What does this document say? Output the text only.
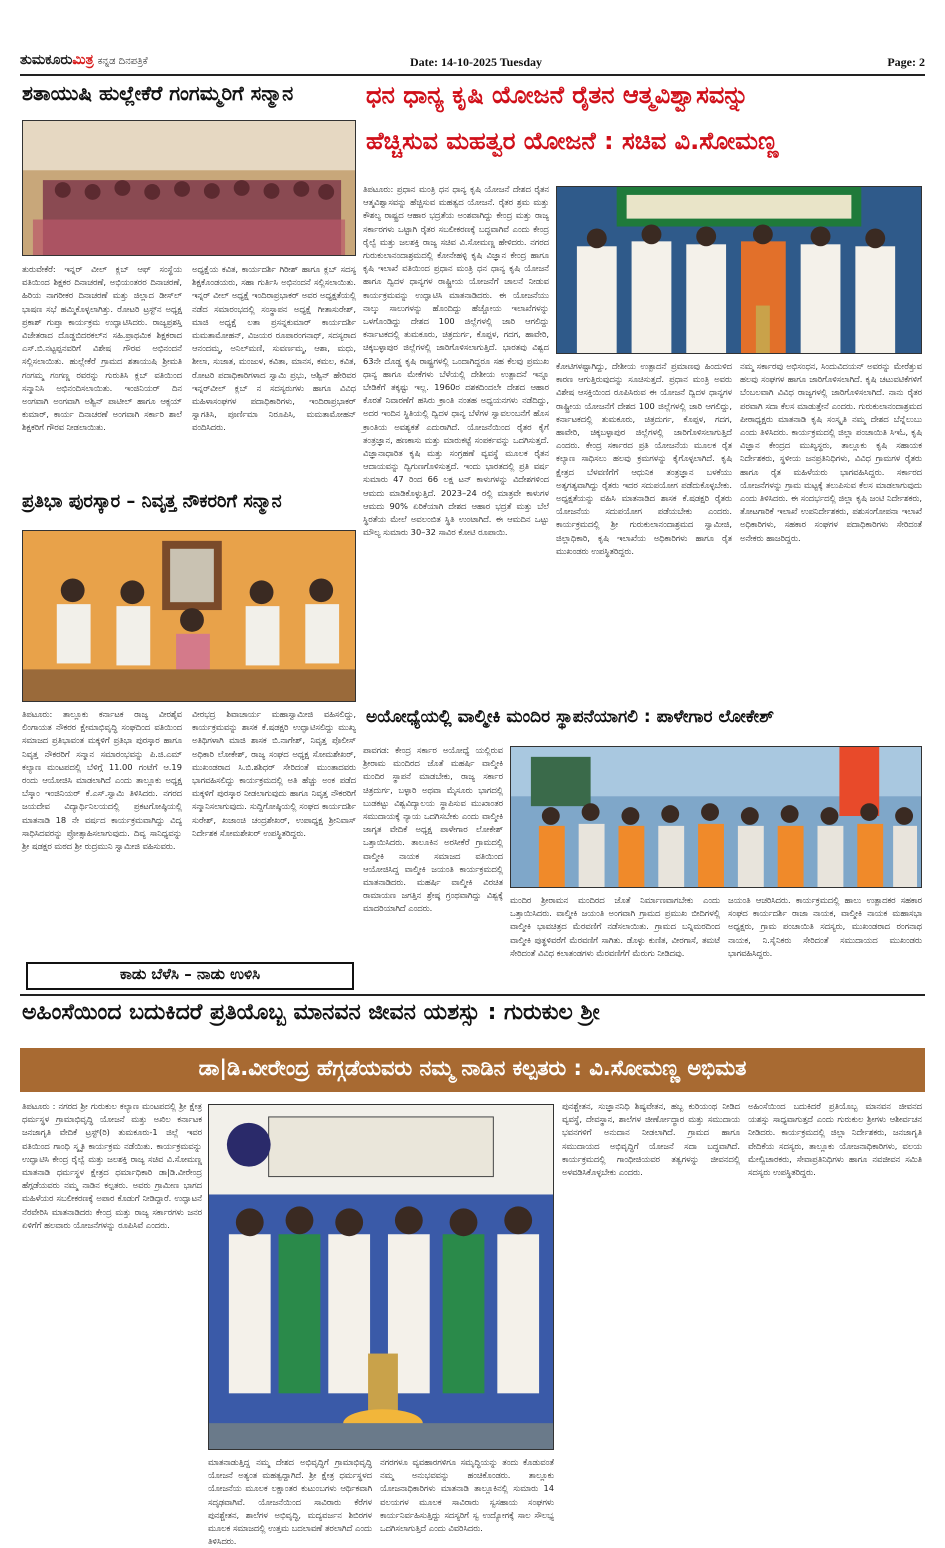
ತುಮಕೂರುಮಿತ್ರ ಕನ್ನಡ ದಿನಪತ್ರಿಕೆ	Date: 14-10-2025 Tuesday	Page: 2
ಶತಾಯುಷಿ ಹುಲ್ಲೇಕೆರೆ ಗಂಗಮ್ಮರಿಗೆ ಸನ್ಮಾನ
ತುರುವೇಕೆರೆ: ಇನ್ನರ್ ವೀಲ್ ಕ್ಲಬ್ ಆಫ್ ಸಂಸ್ಥೆಯ ವತಿಯಿಂದ ಶಿಕ್ಷಕರ ದಿನಾಚರಣೆ, ಅಭಿಯಂತರರ ದಿನಾಚರಣೆ, ಹಿರಿಯ ನಾಗರೀಕರ ದಿನಾಚರಣೆ ಮತ್ತು ಜಿಲ್ಲಾದ ಡೀಸ್‌ಲ್ ಭಾಷಣ ಸಭೆ ಹಮ್ಮಿಕೊಳ್ಳಲಾಗಿತ್ತು. ರೋಟರಿ ಟ್ರಸ್ಟ್‌ನ ಅಧ್ಯಕ್ಷ ಪ್ರಕಾಶ್ ಗುಪ್ತಾ ಕಾರ್ಯಕ್ರಮ ಉದ್ಘಾಟಿಸಿದರು. ರಾಜ್ಯಪ್ರಶಸ್ತಿ ವಿಜೇತರಾದ ದೊಡ್ಡಬಿದರಕಲ್‌ನ ಸಹಿ.ಪ್ರಾಥಮಿಕ ಶಿಕ್ಷಕರಾದ ಎಸ್.ಬಿ.ನಟ್ಟಪ್ಪನವರಿಗೆ ವಿಶೇಷ ಗೌರವ ಅಭಿನಂದನೆ ಸಲ್ಲಿಸಲಾಯಿತು. ಹುಲ್ಲೇಕೆರೆ ಗ್ರಾಮದ ಶತಾಯುಷಿ ಶ್ರೀಮತಿ ಗಂಗಮ್ಮ ಗಂಗಣ್ಣ ರವರನ್ನು ಗುರುತಿಸಿ ಕ್ಲಬ್ ವತಿಯಿಂದ ಸನ್ಮಾನಿಸಿ ಅಭಿನಂದಿಸಲಾಯಿತು. ಇಂಜಿನಿಯರ್ ದಿನ ಅಂಗವಾಗಿ ಅಂಗವಾಗಿ ಅಶ್ವಿನ್ ಪಾಟೀಲ್ ಹಾಗೂ ಆಕ್ಸಯ್ ಕುಮಾರ್, ಕಾರ್ಯ ದಿನಾಚರಣೆ ಅಂಗವಾಗಿ ಸರ್ಕಾರಿ ಶಾಲೆ ಶಿಕ್ಷಕರಿಗೆ ಗೌರವ ನೀಡಲಾಯಿತು.
ಅಧ್ಯಕ್ಷೆಯ ಕವಿತ, ಕಾರ್ಯದರ್ಶಿ ಗಿರೀಶ್ ಹಾಗೂ ಕ್ಲಬ್ ಸದಸ್ಯ ಶಿಕ್ಷಕೊಂಡಯರು, ಸಹಾ ಗುರ್ತಿಸಿ ಅಭಿನಂದನೆ ಸಲ್ಲಿಸಲಾಯಿತು. ಇನ್ನರ್ ವೀಲ್ ಅಧ್ಯಕ್ಷೆ ಇಂದಿರಾಪ್ರಭಾಕರ್ ಅವರ ಅಧ್ಯಕ್ಷತೆಯಲ್ಲಿ ನಡೆದ ಸಮಾರಂಭದಲ್ಲಿ ಸಂಸ್ಥಾಪನ ಅಧ್ಯಕ್ಷೆ ಗೀತಾಸುರೇಶ್, ಮಾಜಿ ಅಧ್ಯಕ್ಷೆ ಲತಾ ಪ್ರಸನ್ನಕುಮಾರ್ ಕಾರ್ಯದರ್ಶಿ ಮಮತಾಮೋಹನ್, ವಿಜಯರ ರೂಪಾರಂಗನಾಥ್, ಸದಸ್ಯರಾದ ಆನಂದಮ್ಮ, ಅನಿಲ್‌ಮಣಿ, ಸುವರ್ಣಮ್ಮ, ಆಶಾ, ಮಧು, ಶೀಲಾ, ಸುಜಾತ, ಮಂಜುಳ, ಕವಿತಾ, ಮಾನಸ, ಕಮಲ, ಕವಿತ, ರೋಟರಿ ಪದಾಧಿಕಾರಿಗಳಾದ ಸ್ವಾಮಿ ಪ್ರಭು, ಆಶ್ವಿನ್ ಹೇರಿವರ ಇನ್ನರ್‌ವೀಲ್ ಕ್ಲಬ್ ನ ಸದಸ್ಯರುಗಳು ಹಾಗೂ ವಿವಿಧ ಮಹಿಳಾಸಂಘಗಳ ಪದಾಧಿಕಾರಿಗಳು, ಇಂದಿರಾಪ್ರಭಾಕರ್ ಸ್ವಾಗತಿಸಿ, ಪೂರ್ಣಿಮಾ ನಿರೂಪಿಸಿ, ಮಮತಾಮೋಹನ್ ವಂದಿಸಿದರು.
ಪ್ರತಿಭಾ ಪುರಸ್ಕಾರ – ನಿವೃತ್ತ ನೌಕರರಿಗೆ ಸನ್ಮಾನ
ತಿಪಟೂರು: ತಾಲ್ಲೂಕು ಕರ್ನಾಟಕ ರಾಜ್ಯ ವೀರಶೈವ ಲಿಂಗಾಯತ ನೌಕರರ ಕ್ಷೇಮಾಭಿವೃದ್ಧಿ ಸಂಘದಿಂದ ವತಿಯಿಂದ ಸಮಾಜದ ಪ್ರತಿಭಾವಂತ ಮಕ್ಕಳಿಗೆ ಪ್ರತಿಭಾ ಪುರಸ್ಕಾರ ಹಾಗೂ ನಿವೃತ್ತ ನೌಕರರಿಗೆ ಸನ್ಮಾನ ಸಮಾರಂಭವನ್ನು ಪಿ.ಜಿ.ಎಮ್ ಕಲ್ಯಾಣ ಮಂಟಪದಲ್ಲಿ ಬೆಳಿಗ್ಗೆ 11.00 ಗಂಟೆಗೆ ಆ.19 ರಂದು ಆಯೋಜಿಸಿ ಮಾಡಲಾಗಿದೆ ಎಂದು ತಾಲ್ಲೂಕು ಅಧ್ಯಕ್ಷ ಬೆಸ್ಕಾಂ ಇಂಜಿನಿಯರ್ ಕೆ.ಎಸ್.ಸ್ವಾಮಿ ತಿಳಿಸಿದರು. ನಗರದ ಜಯದೇವ ವಿದ್ಯಾರ್ಥಿನಿಲಯದಲ್ಲಿ ಪ್ರಕಟಗೋಷ್ಠಿಯಲ್ಲಿ ಮಾತನಾಡಿ 18 ನೇ ವರ್ಷದ ಕಾರ್ಯಕ್ರಮವಾಗಿದ್ದು ವಿದ್ಯ ಸಾಧಿಸಿದವರನ್ನು ಪ್ರೋತ್ಸಾಹಿಸಲಾಗುವುದು. ದಿವ್ಯ ಸಾನಿಧ್ಯವನ್ನು ಶ್ರೀ ಷಡಕ್ಷರ ಮಠದ ಶ್ರೀ ರುದ್ರಮುನಿ ಸ್ವಾಮೀಜಿ ವಹಿಸುವರು.
ವೀರಭದ್ರ ಶಿವಾಚಾರ್ಯ ಮಹಾಸ್ವಾಮೀಜಿ ವಹಿಸಲಿದ್ದು, ಕಾರ್ಯಕ್ರಮವನ್ನು ಶಾಸಕ ಕೆ.ಷಡಕ್ಷರಿ ಉದ್ಘಾಟಿಸಲಿದ್ದು ಮುಖ್ಯ ಅತಿಥಿಗಳಾಗಿ ಮಾಜಿ ಶಾಸಕ ಬಿ.ನಾಗೇಶ್, ನಿವೃತ್ತ ಪೊಲೀಸ್ ಅಧಿಕಾರಿ ಲೋಕೇಶ್, ರಾಜ್ಯ ಸಂಘದ ಅಧ್ಯಕ್ಷ ಸೋಮಶೇಖರ್, ಮುಖಂಡರಾದ ಸಿ.ಬಿ.ಶಶಿಧರ್ ಸೇರಿದಂತೆ ಮುಂತಾದವರು ಭಾಗವಹಿಸಲಿದ್ದು ಕಾರ್ಯಕ್ರಮದಲ್ಲಿ ಅತಿ ಹೆಚ್ಚು ಅಂಕ ಪಡೆದ ಮಕ್ಕಳಿಗೆ ಪುರಸ್ಕಾರ ನೀಡಲಾಗುವುದು ಹಾಗೂ ನಿವೃತ್ತ ನೌಕರರಿಗೆ ಸನ್ಮಾನಿಸಲಾಗುವುದು. ಸುದ್ದಿಗೋಷ್ಠಿಯಲ್ಲಿ ಸಂಘದ ಕಾರ್ಯದರ್ಶಿ ಸುರೇಶ್, ಖಜಾಂಚಿ ಚಂದ್ರಶೇಖರ್, ಉಪಾಧ್ಯಕ್ಷ ಶ್ರೀನಿವಾಸ್ ನಿರ್ದೇಶಕ ಸೋಮಶೇಖರ್ ಉಪಸ್ಥಿತರಿದ್ದರು.
ಕಾಡು ಬೆಳೆಸಿ – ನಾಡು ಉಳಿಸಿ
ಧನ ಧಾನ್ಯ ಕೃಷಿ ಯೋಜನೆ ರೈತನ ಆತ್ಮವಿಶ್ವಾಸವನ್ನು
ಹೆಚ್ಚಿಸುವ ಮಹತ್ವರ ಯೋಜನೆ : ಸಚಿವ ವಿ.ಸೋಮಣ್ಣ
ತಿಪಟೂರು: ಪ್ರಧಾನ ಮಂತ್ರಿ ಧನ ಧಾನ್ಯ ಕೃಷಿ ಯೋಜನೆ ದೇಶದ ರೈತನ ಆತ್ಮವಿಶ್ವಾಸವನ್ನು ಹೆಚ್ಚಿಸುವ ಮಹತ್ವದ ಯೋಜನೆ. ರೈತರ ಶ್ರಮ ಮತ್ತು ಕೌಶಲ್ಯ ರಾಷ್ಟ್ರದ ಆಹಾರ ಭದ್ರತೆಯ ಅಂಶವಾಗಿದ್ದು ಕೇಂದ್ರ ಮತ್ತು ರಾಜ್ಯ ಸರ್ಕಾರಗಳು ಒಟ್ಟಾಗಿ ರೈತರ ಸಬಲೀಕರಣಕ್ಕೆ ಬದ್ಧವಾಗಿವೆ ಎಂದು ಕೇಂದ್ರ ರೈಲ್ವೆ ಮತ್ತು ಜಲಶಕ್ತಿ ರಾಜ್ಯ ಸಚಿವ ವಿ.ಸೋಮಣ್ಣ ಹೇಳಿದರು. ನಗರದ ಗುರುಕುಲಾನಂದಾಶ್ರಮದಲ್ಲಿ ಕೋನೇಹಳ್ಳಿ ಕೃಷಿ ವಿಜ್ಞಾನ ಕೇಂದ್ರ ಹಾಗೂ ಕೃಷಿ ಇಲಾಖೆ ವತಿಯಿಂದ ಪ್ರಧಾನ ಮಂತ್ರಿ ಧನ ಧಾನ್ಯ ಕೃಷಿ ಯೋಜನೆ ಹಾಗೂ ದ್ವಿದಳ ಧಾನ್ಯಗಳ ರಾಷ್ಟ್ರೀಯ ಯೋಜನೆಗೆ ಚಾಲನೆ ನೀಡುವ ಕಾರ್ಯಕ್ರಮವನ್ನು ಉದ್ಘಾಟಿಸಿ ಮಾತನಾಡಿದರು. ಈ ಯೋಜನೆಯು ನಾಲ್ಕು ಸಾಲುಗಳನ್ನು ಹೊಂದಿದ್ದು ಹೆಚ್ಚೋಯ ಇಲಾಖೆಗಳನ್ನು ಒಳಗೊಂಡಿದ್ದು ದೇಶದ 100 ಜಿಲ್ಲೆಗಳಲ್ಲಿ ಜಾರಿ ಆಗಲಿದ್ದು ಕರ್ನಾಟಕದಲ್ಲಿ ತುಮಕೂರು, ಚಿತ್ರದುರ್ಗ, ಕೊಪ್ಪಳ, ಗದಗ, ಹಾವೇರಿ, ಚಿಕ್ಕಬಳ್ಳಾಪುರ ಜಿಲ್ಲೆಗಳಲ್ಲಿ ಜಾರಿಗೊಳಿಸಲಾಗುತ್ತಿದೆ. ಭಾರತವು ವಿಶ್ವದ 63ನೇ ದೊಡ್ಡ ಕೃಷಿ ರಾಷ್ಟ್ರಗಳಲ್ಲಿ ಒಂದಾಗಿದ್ದರೂ ಸಹ ಕೆಲವು ಪ್ರಮುಖ ಧಾನ್ಯ ಹಾಗೂ ಮೇಕೆಗಳು ಬೆಳೆಯಲ್ಲಿ ದೇಶೀಯ ಉತ್ಪಾದನೆ ಇನ್ನೂ ಬೇಡಿಕೆಗೆ ತಕ್ಕಷ್ಟು ಇಲ್ಲ. 1960ರ ದಶಕದಿಂದಲೇ ದೇಶದ ಆಹಾರ ಕೊರತೆ ನಿವಾರಣೆಗೆ ಹಸಿರು ಕ್ರಾಂತಿ ನಂತಹ ಅಧ್ಯಯನಗಳು ನಡೆದಿದ್ದು, ಅದರ ಇಂದಿನ ಸ್ಥಿತಿಯಲ್ಲಿ ದ್ವಿದಳ ಧಾನ್ಯ ಬೆಳೆಗಳ ಸ್ವಾವಲಂಬನೆಗೆ ಹೊಸ ಕ್ರಾಂತಿಯ ಅವಶ್ಯಕತೆ ಎದುರಾಗಿದೆ. ಯೋಜನೆಯಿಂದ ರೈತರ ಕೈಗೆ ತಂತ್ರಜ್ಞಾನ, ಹಣಕಾಸು ಮತ್ತು ಮಾರುಕಟ್ಟೆ ಸಂಪರ್ಕವನ್ನು ಒದಗಿಸುತ್ತದೆ. ವಿಜ್ಞಾನಾಧಾರಿತ ಕೃಷಿ ಮತ್ತು ಸಂಗ್ರಹಣೆ ವ್ಯವಸ್ಥೆ ಮೂಲಕ ರೈತನ ಆದಾಯವನ್ನು ದ್ವಿಗುಣಗೊಳಿಸುತ್ತದೆ. ಇಂದು ಭಾರತದಲ್ಲಿ ಪ್ರತಿ ವರ್ಷ ಸುಮಾರು 47 ರಿಂದ 66 ಲಕ್ಷ ಟನ್ ಕಾಳುಗಳನ್ನು ವಿದೇಶಗಳಿಂದ ಆಮದು ಮಾಡಿಕೊಳ್ಳುತ್ತಿದೆ. 2023–24 ರಲ್ಲಿ ಮಾತ್ರವೇ ಕಾಳುಗಳ ಆಮದು 90% ಏರಿಕೆಯಾಗಿ ದೇಶದ ಆಹಾರ ಭದ್ರತೆ ಮತ್ತು ಬೆಲೆ ಸ್ಥಿರತೆಯ ಮೇಲೆ ಅವಲಂಬಿತ ಸ್ಥಿತಿ ಉಂಟಾಗಿದೆ. ಈ ಆಮದಿನ ಒಟ್ಟು ಮೌಲ್ಯ ಸುಮಾರು 30–32 ಸಾವಿರ ಕೋಟಿ ರೂಪಾಯಿ.
ಕೋಟಿಗಳಷ್ಟಾಗಿದ್ದು, ದೇಶೀಯ ಉತ್ಪಾದನೆ ಪ್ರಮಾಣವು ಹಿಂದುಳಿದ ಕಾರಣ ಆಗುತ್ತಿರುವುದನ್ನು ಸೂಚಿಸುತ್ತದೆ. ಪ್ರಧಾನ ಮಂತ್ರಿ ಅವರು ವಿಶೇಷ ಆಸಕ್ತಿಯಿಂದ ರೂಪಿಸಿರುವ ಈ ಯೋಜನೆ ದ್ವಿದಳ ಧಾನ್ಯಗಳ ರಾಷ್ಟ್ರೀಯ ಯೋಜನೆಗೆ ದೇಶದ 100 ಜಿಲ್ಲೆಗಳಲ್ಲಿ ಜಾರಿ ಆಗಲಿದ್ದು, ಕರ್ನಾಟಕದಲ್ಲಿ ತುಮಕೂರು, ಚಿತ್ರದುರ್ಗ, ಕೊಪ್ಪಳ, ಗದಗ, ಹಾವೇರಿ, ಚಿಕ್ಕಬಳ್ಳಾಪುರ ಜಿಲ್ಲೆಗಳಲ್ಲಿ ಜಾರಿಗೊಳಿಸಲಾಗುತ್ತಿದೆ ಎಂದರು. ಕೇಂದ್ರ ಸರ್ಕಾರದ ಪ್ರತಿ ಯೋಜನೆಯ ಮೂಲಕ ರೈತ ಕಲ್ಯಾಣ ಸಾಧಿಸಲು ಹಲವು ಕ್ರಮಗಳನ್ನು ಕೈಗೊಳ್ಳಲಾಗಿದೆ. ಕೃಷಿ ಕ್ಷೇತ್ರದ ಬೆಳವಣಿಗೆಗೆ ಆಧುನಿಕ ತಂತ್ರಜ್ಞಾನ ಬಳಕೆಯು ಅತ್ಯಗತ್ಯವಾಗಿದ್ದು ರೈತರು ಇದರ ಸದುಪಯೋಗ ಪಡೆದುಕೊಳ್ಳಬೇಕು. ಅಧ್ಯಕ್ಷತೆಯನ್ನು ವಹಿಸಿ ಮಾತನಾಡಿದ ಶಾಸಕ ಕೆ.ಷಡಕ್ಷರಿ ರೈತರು ಯೋಜನೆಯ ಸದುಪಯೋಗ ಪಡೆಯಬೇಕು ಎಂದರು. ಕಾರ್ಯಕ್ರಮದಲ್ಲಿ ಶ್ರೀ ಗುರುಕುಲಾನಂದಾಶ್ರಮದ ಸ್ವಾಮೀಜಿ, ಜಿಲ್ಲಾಧಿಕಾರಿ, ಕೃಷಿ ಇಲಾಖೆಯ ಅಧಿಕಾರಿಗಳು ಹಾಗೂ ರೈತ ಮುಖಂಡರು ಉಪಸ್ಥಿತರಿದ್ದರು.
ನಮ್ಮ ಸರ್ಕಾರವು ಅಭಿಸಂಧನ, ಸಿಂದುವಿದಯನ್ ಅವರನ್ನು ಮೇರೆತ್ತುವ ಹಲವು ಸಂಘಗಳ ಹಾಗೂ ಜಾರಿಗೊಳಿಸಲಾಗಿದೆ. ಕೃಷಿ ಚಟುವಟಿಕೆಗಳಿಗೆ ಬೆಂಬಲವಾಗಿ ವಿವಿಧ ರಾಜ್ಯಗಳಲ್ಲಿ ಜಾರಿಗೊಳಿಸಲಾಗಿದೆ. ನಾನು ರೈತರ ಪರವಾಗಿ ಸದಾ ಕೆಲಸ ಮಾಡುತ್ತೇನೆ ಎಂದರು. ಗುರುಕುಲಾನಂದಾಶ್ರಮದ ಪೀಠಾಧ್ಯಕ್ಷರು ಮಾತನಾಡಿ ಕೃಷಿ ಸಂಸ್ಕೃತಿ ನಮ್ಮ ದೇಶದ ಬೆನ್ನೆಲುಬು ಎಂದು ತಿಳಿಸಿದರು. ಕಾರ್ಯಕ್ರಮದಲ್ಲಿ ಜಿಲ್ಲಾ ಪಂಚಾಯಿತಿ ಸಿಇಓ, ಕೃಷಿ ವಿಜ್ಞಾನ ಕೇಂದ್ರದ ಮುಖ್ಯಸ್ಥರು, ತಾಲ್ಲೂಕು ಕೃಷಿ ಸಹಾಯಕ ನಿರ್ದೇಶಕರು, ಸ್ಥಳೀಯ ಜನಪ್ರತಿನಿಧಿಗಳು, ವಿವಿಧ ಗ್ರಾಮಗಳ ರೈತರು ಹಾಗೂ ರೈತ ಮಹಿಳೆಯರು ಭಾಗವಹಿಸಿದ್ದರು. ಸರ್ಕಾರದ ಯೋಜನೆಗಳನ್ನು ಗ್ರಾಮ ಮಟ್ಟಕ್ಕೆ ತಲುಪಿಸುವ ಕೆಲಸ ಮಾಡಲಾಗುವುದು ಎಂದು ತಿಳಿಸಿದರು. ಈ ಸಂದರ್ಭದಲ್ಲಿ ಜಿಲ್ಲಾ ಕೃಷಿ ಜಂಟಿ ನಿರ್ದೇಶಕರು, ತೋಟಗಾರಿಕೆ ಇಲಾಖೆ ಉಪನಿರ್ದೇಶಕರು, ಪಶುಸಂಗೋಪನಾ ಇಲಾಖೆ ಅಧಿಕಾರಿಗಳು, ಸಹಕಾರ ಸಂಘಗಳ ಪದಾಧಿಕಾರಿಗಳು ಸೇರಿದಂತೆ ಅನೇಕರು ಹಾಜರಿದ್ದರು.
ಅಯೋಧ್ಯೆಯಲ್ಲಿ ವಾಲ್ಮೀಕಿ ಮಂದಿರ ಸ್ಥಾಪನೆಯಾಗಲಿ : ಪಾಳೇಗಾರ ಲೋಕೇಶ್
ಪಾವಗಡ: ಕೇಂದ್ರ ಸರ್ಕಾರ ಅಯೋಧ್ಯೆ ಯಲ್ಲಿರುವ ಶ್ರೀರಾಮ ಮಂದಿರದ ಜೊತೆ ಮಹರ್ಷಿ ವಾಲ್ಮೀಕಿ ಮಂದಿರ ಸ್ಥಾಪನೆ ಮಾಡಬೇಕು, ರಾಜ್ಯ ಸರ್ಕಾರ ಚಿತ್ರದುರ್ಗ, ಬಳ್ಳಾರಿ ಅಥವಾ ಮೈಸೂರು ಭಾಗದಲ್ಲಿ ಬುಡಕಟ್ಟು ವಿಶ್ವವಿದ್ಯಾಲಯ ಸ್ಥಾಪಿಸುವ ಮುಖಾಂತರ ಸಮುದಾಯಕ್ಕೆ ನ್ಯಾಯ ಒದಗಿಸಬೇಕು ಎಂದು ವಾಲ್ಮೀಕಿ ಜಾಗೃತ ವೇದಿಕೆ ಅಧ್ಯಕ್ಷ ಪಾಳೇಗಾರ ಲೋಕೇಶ್ ಒತ್ತಾಯಿಸಿದರು. ತಾಲೂಕಿನ ಅರಸೀಕೆರೆ ಗ್ರಾಮದಲ್ಲಿ ವಾಲ್ಮೀಕಿ ನಾಯಕ ಸಮಾಜದ ವತಿಯಿಂದ ಆಯೋಜಿಸಿದ್ದ ವಾಲ್ಮೀಕಿ ಜಯಂತಿ ಕಾರ್ಯಕ್ರಮದಲ್ಲಿ ಮಾತನಾಡಿದರು. ಮಹರ್ಷಿ ವಾಲ್ಮೀಕಿ ವಿರಚಿತ ರಾಮಾಯಣ ಜಗತ್ತಿನ ಶ್ರೇಷ್ಠ ಗ್ರಂಥವಾಗಿದ್ದು ವಿಶ್ವಕ್ಕೆ ಮಾದರಿಯಾಗಿದೆ ಎಂದರು.
ಮಂದಿರ ಶ್ರೀರಾಮನ ಮಂದಿರದ ಜೊತೆ ನಿರ್ಮಾಣವಾಗಬೇಕು ಎಂದು ಒತ್ತಾಯಿಸಿದರು. ವಾಲ್ಮೀಕಿ ಜಯಂತಿ ಅಂಗವಾಗಿ ಗ್ರಾಮದ ಪ್ರಮುಖ ಬೀದಿಗಳಲ್ಲಿ ವಾಲ್ಮೀಕಿ ಭಾವಚಿತ್ರದ ಮೆರವಣಿಗೆ ನಡೆಸಲಾಯಿತು. ಗ್ರಾಮದ ಬನ್ನಿಮರದಿಂದ ವಾಲ್ಮೀಕಿ ಪುತ್ಥಳಿವರೆಗೆ ಮೆರವಣಿಗೆ ಸಾಗಿತು. ಡೊಳ್ಳು ಕುಣಿತ, ವೀರಗಾಸೆ, ತಮಟೆ ಸೇರಿದಂತೆ ವಿವಿಧ ಕಲಾತಂಡಗಳು ಮೆರವಣಿಗೆಗೆ ಮೆರುಗು ನೀಡಿದವು.
ಜಯಂತಿ ಆಚರಿಸಿದರು. ಕಾರ್ಯಕ್ರಮದಲ್ಲಿ ಹಾಲು ಉತ್ಪಾದಕರ ಸಹಕಾರ ಸಂಘದ ಕಾರ್ಯದರ್ಶಿ ರಾಜಾ ನಾಯಕ, ವಾಲ್ಮೀಕಿ ನಾಯಕ ಮಹಾಸಭಾ ಅಧ್ಯಕ್ಷರು, ಗ್ರಾಮ ಪಂಚಾಯಿತಿ ಸದಸ್ಯರು, ಮುಖಂಡರಾದ ರಂಗನಾಥ ನಾಯಕ, ನಿ.ಸೈನಿಕರು ಸೇರಿದಂತೆ ಸಮುದಾಯದ ಮುಖಂಡರು ಭಾಗವಹಿಸಿದ್ದರು.
ಅಹಿಂಸೆಯಿಂದ ಬದುಕಿದರೆ ಪ್ರತಿಯೊಬ್ಬ ಮಾನವನ ಜೀವನ ಯಶಸ್ಸು : ಗುರುಕುಲ ಶ್ರೀ
ಡಾ|ಡಿ.ವೀರೇಂದ್ರ ಹೆಗ್ಗಡೆಯವರು ನಮ್ಮ ನಾಡಿನ ಕಲ್ಪತರು : ವಿ.ಸೋಮಣ್ಣ ಅಭಿಮತ
ತಿಪಟೂರು : ನಗರದ ಶ್ರೀ ಗುರುಕುಲ ಕಲ್ಯಾಣ ಮಂಟಪದಲ್ಲಿ ಶ್ರೀ ಕ್ಷೇತ್ರ ಧರ್ಮಸ್ಥಳ ಗ್ರಾಮಾಭಿವೃದ್ಧಿ ಯೋಜನೆ ಮತ್ತು ಅಖಿಲ ಕರ್ನಾಟಕ ಜನಜಾಗೃತಿ ವೇದಿಕೆ ಟ್ರಸ್ಟ್(ರಿ) ತುಮಕೂರು-1 ಜಿಲ್ಲೆ ಇವರ ವತಿಯಿಂದ ಗಾಂಧಿ ಸ್ಮೃತಿ ಕಾರ್ಯಕ್ರಮ ನಡೆಯಿತು. ಕಾರ್ಯಕ್ರಮವನ್ನು ಉದ್ಘಾಟಿಸಿ ಕೇಂದ್ರ ರೈಲ್ವೆ ಮತ್ತು ಜಲಶಕ್ತಿ ರಾಜ್ಯ ಸಚಿವ ವಿ.ಸೋಮಣ್ಣ ಮಾತನಾಡಿ ಧರ್ಮಸ್ಥಳ ಕ್ಷೇತ್ರದ ಧರ್ಮಾಧಿಕಾರಿ ಡಾ|ಡಿ.ವೀರೇಂದ್ರ ಹೆಗ್ಗಡೆಯವರು ನಮ್ಮ ನಾಡಿನ ಕಲ್ಪತರು. ಅವರು ಗ್ರಾಮೀಣ ಭಾಗದ ಮಹಿಳೆಯರ ಸಬಲೀಕರಣಕ್ಕೆ ಅಪಾರ ಕೊಡುಗೆ ನೀಡಿದ್ದಾರೆ. ಉದ್ಘಾಟನೆ ನೆರವೇರಿಸಿ ಮಾತನಾಡಿದರು ಕೇಂದ್ರ ಮತ್ತು ರಾಜ್ಯ ಸರ್ಕಾರಗಳು ಜನರ ಏಳಿಗೆಗೆ ಹಲವಾರು ಯೋಜನೆಗಳನ್ನು ರೂಪಿಸಿವೆ ಎಂದರು.
ಮಾತನಾಡುತ್ತಿದ್ದ ನಮ್ಮ ದೇಶದ ಅಭಿವೃದ್ಧಿಗೆ ಗ್ರಾಮಾಭಿವೃದ್ಧಿ ಯೋಜನೆ ಅತ್ಯಂತ ಮಹತ್ವದ್ದಾಗಿದೆ. ಶ್ರೀ ಕ್ಷೇತ್ರ ಧರ್ಮಸ್ಥಳದ ಯೋಜನೆಯ ಮೂಲಕ ಲಕ್ಷಾಂತರ ಕುಟುಂಬಗಳು ಆರ್ಥಿಕವಾಗಿ ಸದೃಢವಾಗಿವೆ. ಯೋಜನೆಯಿಂದ ಸಾವಿರಾರು ಕೆರೆಗಳ ಪುನಶ್ಚೇತನ, ಶಾಲೆಗಳ ಅಭಿವೃದ್ಧಿ, ಮದ್ಯವರ್ಜನ ಶಿಬಿರಗಳ ಮೂಲಕ ಸಮಾಜದಲ್ಲಿ ಉತ್ತಮ ಬದಲಾವಣೆ ತರಲಾಗಿದೆ ಎಂದು ತಿಳಿಸಿದರು.
ನಗರಗಳೂ ವ್ಯವಹಾರಗಳಿಗೂ ಸಮೃದ್ಧಿಯನ್ನು ತಂದು ಕೊಡುವಂತೆ ನಮ್ಮ ಅನುಭವವನ್ನು ಹಂಚಿಕೊಂಡರು. ತಾಲ್ಲೂಕು ಯೋಜನಾಧಿಕಾರಿಗಳು ಮಾತನಾಡಿ ತಾಲ್ಲೂಕಿನಲ್ಲಿ ಸುಮಾರು 14 ವಲಯಗಳ ಮೂಲಕ ಸಾವಿರಾರು ಸ್ವಸಹಾಯ ಸಂಘಗಳು ಕಾರ್ಯನಿರ್ವಹಿಸುತ್ತಿದ್ದು ಸದಸ್ಯರಿಗೆ ಸ್ವ ಉದ್ಯೋಗಕ್ಕೆ ಸಾಲ ಸೌಲಭ್ಯ ಒದಗಿಸಲಾಗುತ್ತಿದೆ ಎಂದು ವಿವರಿಸಿದರು.
ಪುನಶ್ಚೇತನ, ಸುಜ್ಞಾನನಿಧಿ ಶಿಷ್ಯವೇತನ, ಹಬ್ಬ ಕುರಿಯಂಥ ನೀಡಿದ ವ್ಯವಸ್ಥೆ, ದೇವಸ್ಥಾನ, ಶಾಲೆಗಳ ಜೀರ್ಣೋದ್ಧಾರ ಮತ್ತು ಸಮುದಾಯ ಭವನಗಳಿಗೆ ಅನುದಾನ ನೀಡಲಾಗಿದೆ. ಗ್ರಾಮದ ಹಾಗೂ ಸಮುದಾಯದ ಅಭಿವೃದ್ಧಿಗೆ ಯೋಜನೆ ಸದಾ ಬದ್ಧವಾಗಿದೆ. ಕಾರ್ಯಕ್ರಮದಲ್ಲಿ ಗಾಂಧೀಜಿಯವರ ತತ್ವಗಳನ್ನು ಜೀವನದಲ್ಲಿ ಅಳವಡಿಸಿಕೊಳ್ಳಬೇಕು ಎಂದರು.
ಅಹಿಂಸೆಯಿಂದ ಬದುಕಿದರೆ ಪ್ರತಿಯೊಬ್ಬ ಮಾನವನ ಜೀವನದ ಯಶಸ್ಸು ಸಾಧ್ಯವಾಗುತ್ತದೆ ಎಂದು ಗುರುಕುಲ ಶ್ರೀಗಳು ಆಶೀರ್ವಚನ ನೀಡಿದರು. ಕಾರ್ಯಕ್ರಮದಲ್ಲಿ ಜಿಲ್ಲಾ ನಿರ್ದೇಶಕರು, ಜನಜಾಗೃತಿ ವೇದಿಕೆಯ ಸದಸ್ಯರು, ತಾಲ್ಲೂಕು ಯೋಜನಾಧಿಕಾರಿಗಳು, ವಲಯ ಮೇಲ್ವಿಚಾರಕರು, ಸೇವಾಪ್ರತಿನಿಧಿಗಳು ಹಾಗೂ ನವಜೀವನ ಸಮಿತಿ ಸದಸ್ಯರು ಉಪಸ್ಥಿತರಿದ್ದರು.
